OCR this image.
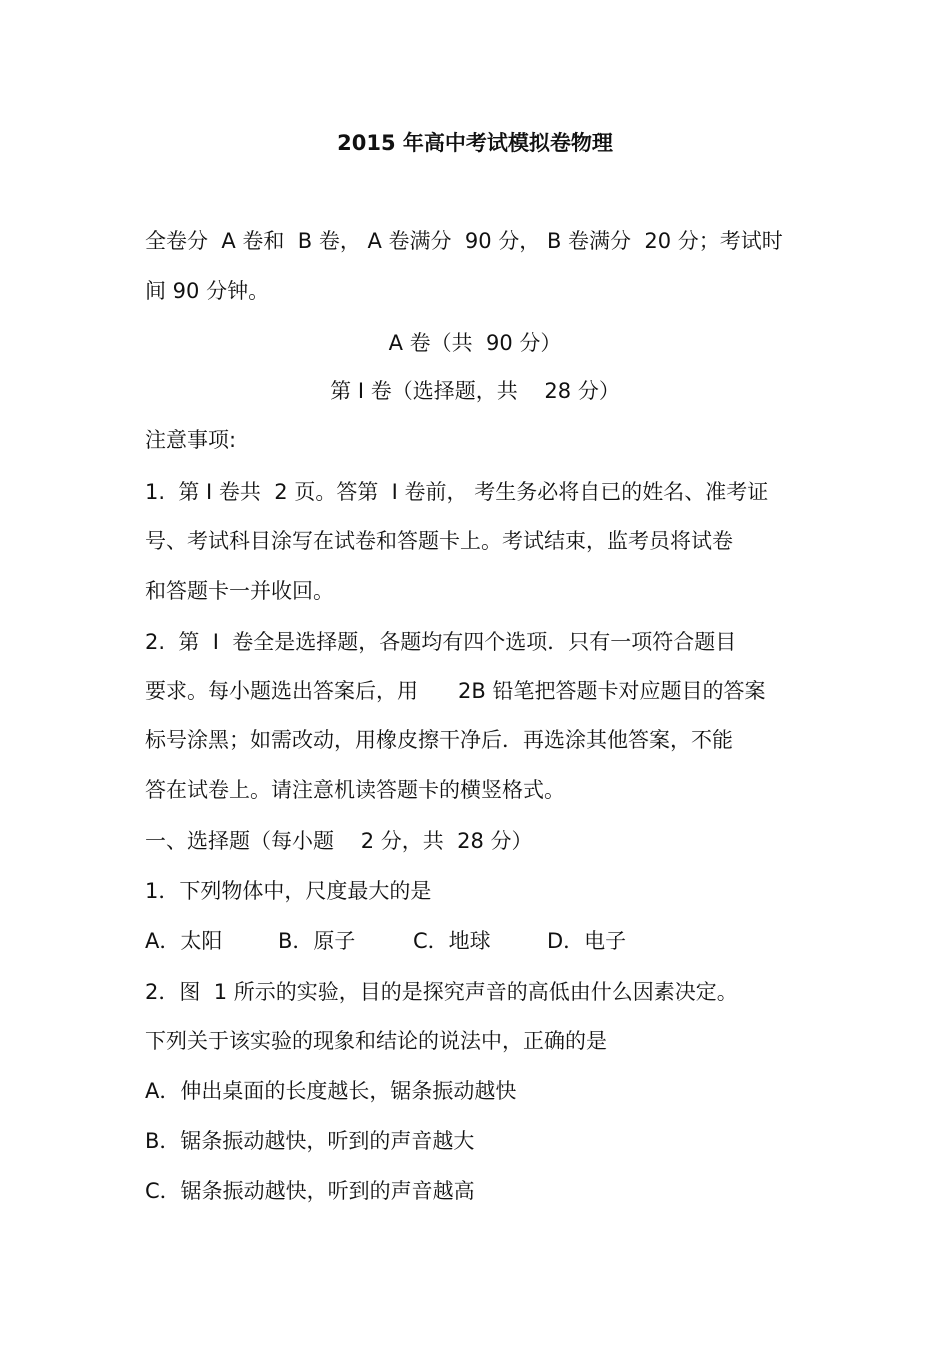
2015 年高中考试模拟卷物理
全卷分  A 卷和  B 卷， A 卷满分  90 分， B 卷满分  20 分；考试时
间 90 分钟。
A 卷（共  90 分）
第 I 卷（选择题，共    28 分）
注意事项:
1.  第 I 卷共  2 页。答第  I 卷前， 考生务必将自已的姓名、准考证
号、考试科目涂写在试卷和答题卡上。考试结束，监考员将试卷
和答题卡一并收回。
2.  第  I  卷全是选择题，各题均有四个选项．只有一项符合题目
要求。每小题选出答案后，用      2B 铅笔把答题卡对应题目的答案
标号涂黑；如需改动，用橡皮擦干净后．再选涂其他答案，不能
答在试卷上。请注意机读答题卡的横竖格式。
一、选择题（每小题    2 分，共  28 分）
1．下列物体中，尺度最大的是

A．太阳

	B．原子

	C．地球

	D．电子

2．图  1 所示的实验，目的是探究声音的高低由什么因素决定。
下列关于该实验的现象和结论的说法中，正确的是
A．伸出桌面的长度越长，锯条振动越快
B．锯条振动越快，听到的声音越大
C．锯条振动越快，听到的声音越高
